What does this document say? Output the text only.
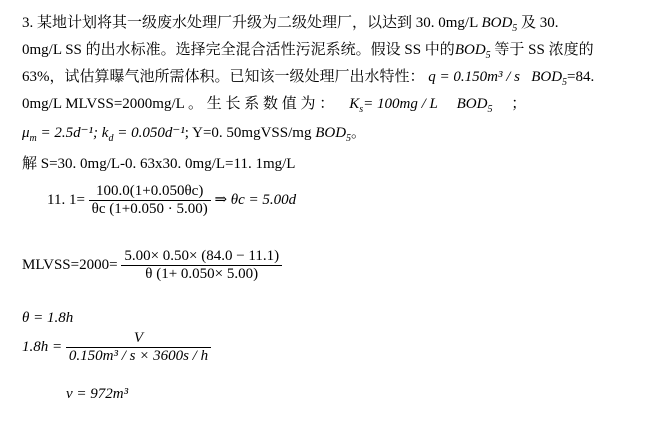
3. 某地计划将其一级废水处理厂升级为二级处理厂，以达到 30. 0mg/L $BOD_5$ 及 30.
0mg/L SS 的出水标准。选择完全混合活性污泥系统。假设 SS 中的$BOD_5$ 等于 SS 浓度的
63%，试估算曝气池所需体积。已知该一级处理厂出水特性： q = 0.150m³ / s $BOD_5=84$.
0mg/L MLVSS=2000mg/L 。 生 长 系 数 值 为 ： $K_s= 100mg / L$ $BOD_5$ ；
$\mu_m = 2.5d^{-1}$; $k_d = 0.050d^{-1}$; Y=0. 50mgVSS/mg $BOD_5$。
解 S=30. 0mg/L-0. 63x30. 0mg/L=11. 1mg/L
11. $1= \frac{100.0(1+0.050\theta c)}{\theta c (1+0.050 \cdot 5.00)}$ ⇒ θc = 5.00d
MLVSS=2000= $\frac{5.00\times 0.50\times (84.0 - 11.1)}{\theta (1+ 0.050\times 5.00)}$
θ = 1.8h
$1.8h = \frac{V}{\text{0.150m³ / s × 3600s / h}}$
v = 972m³
